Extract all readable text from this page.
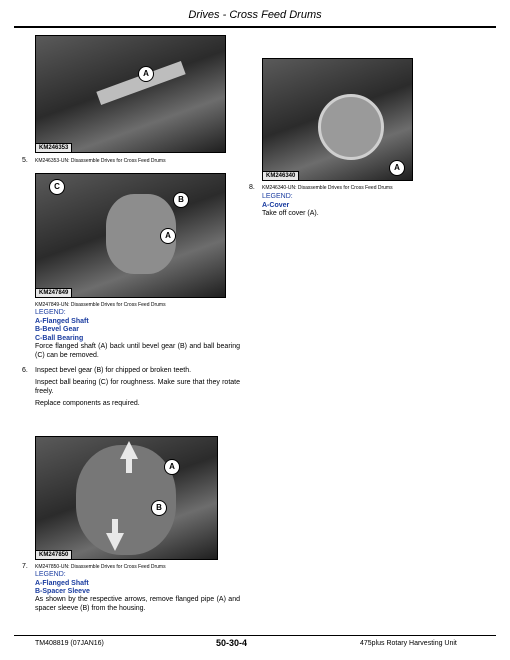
Drives - Cross Feed Drums
A
KM246353
5. KM246353-UN: Disassemble Drives for Cross Feed Drums
A
KM246340
8. KM246340-UN: Disassemble Drives for Cross Feed Drums
LEGEND:
A-Cover
Take off cover (A).
C
B
A
KM247849
KM247849-UN: Disassemble Drives for Cross Feed Drums
LEGEND:
A-Flanged Shaft
B-Bevel Gear
C-Ball Bearing
Force flanged shaft (A) back until bevel gear (B) and ball bearing (C) can be removed.
6. Inspect bevel gear (B) for chipped or broken teeth.
Inspect ball bearing (C) for roughness. Make sure that they rotate freely.
Replace components as required.
A
B
KM247850
7. KM247850-UN: Disassemble Drives for Cross Feed Drums
LEGEND:
A-Flanged Shaft
B-Spacer Sleeve
As shown by the respective arrows, remove flanged pipe (A) and spacer sleeve (B) from the housing.
TM408819 (07JAN16)	50-30-4	475plus Rotary Harvesting Unit
